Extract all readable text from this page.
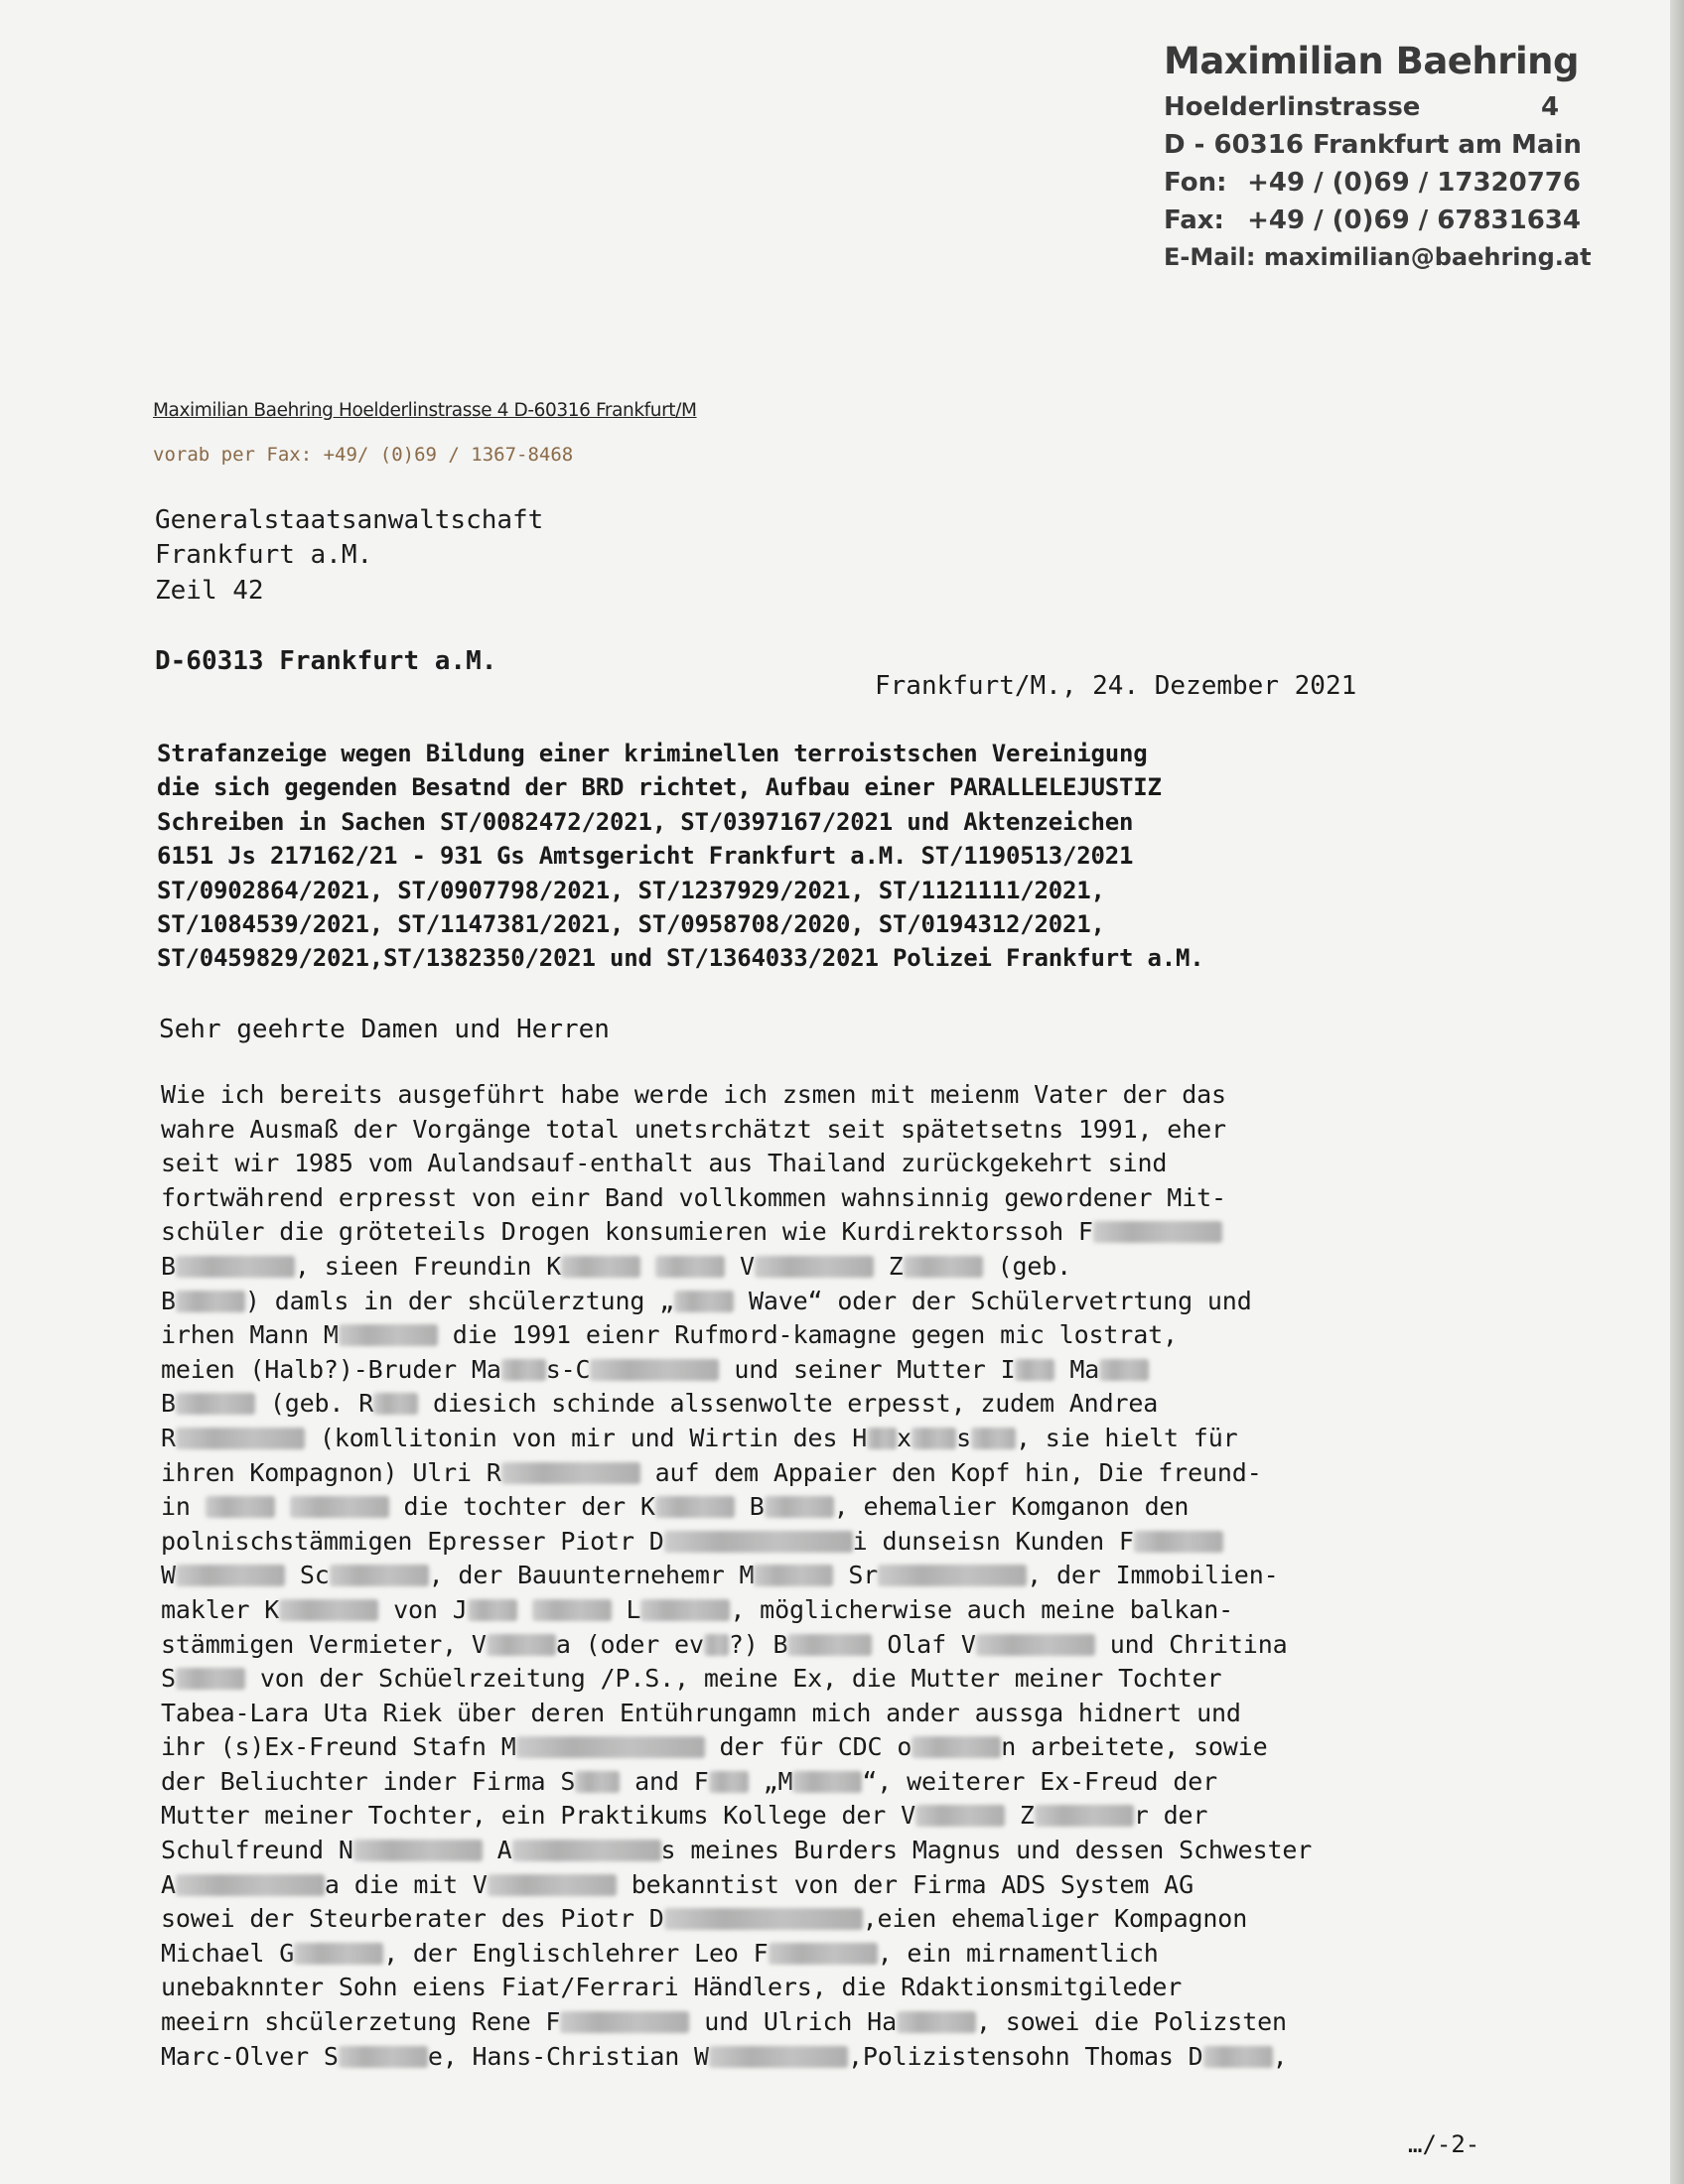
Maximilian Baehring
Hoelderlinstrasse	4
D - 60316 Frankfurt am Main
Fon: +49 / (0)69 / 17320776
Fax: +49 / (0)69 / 67831634
E-Mail: maximilian@baehring.at
Maximilian Baehring Hoelderlinstrasse 4 D-60316 Frankfurt/M
vorab per Fax: +49/ (0)69 / 1367-8468
Generalstaatsanwaltschaft
Frankfurt a.M.
Zeil 42
D-60313 Frankfurt a.M.
Frankfurt/M., 24. Dezember 2021
Strafanzeige wegen Bildung einer kriminellen terroistschen Vereinigung
die sich gegenden Besatnd der BRD richtet, Aufbau einer PARALLELEJUSTIZ
Schreiben in Sachen ST/0082472/2021, ST/0397167/2021 und Aktenzeichen
6151 Js 217162/21 - 931 Gs Amtsgericht Frankfurt a.M. ST/1190513/2021
ST/0902864/2021, ST/0907798/2021, ST/1237929/2021, ST/1121111/2021,
ST/1084539/2021, ST/1147381/2021, ST/0958708/2020, ST/0194312/2021,
ST/0459829/2021,ST/1382350/2021 und ST/1364033/2021 Polizei Frankfurt a.M.
Sehr geehrte Damen und Herren
Wie ich bereits ausgeführt habe werde ich zsmen mit meienm Vater der das
wahre Ausmaß der Vorgänge total unetsrchätzt seit spätetsetns 1991, eher
seit wir 1985 vom Aulandsauf-enthalt aus Thailand zurückgekehrt sind
fortwährend erpresst von einr Band vollkommen wahnsinnig gewordener Mit-
schüler die gröteteils Drogen konsumieren wie Kurdirektorssoh F
B	, sieen Freundin K	V	Z	(geb.
B	) damls in der shcülerztung „	Wave“ oder der Schülervetrtung und
irhen Mann M	die 1991 eienr Rufmord-kamagne gegen mic lostrat,
meien (Halb?)-Bruder Ma s-C	und seiner Mutter I Ma
B	(geb. R diesich schinde alssenwolte erpesst, zudem Andrea
R	(komllitonin von mir und Wirtin des H x s , sie hielt für
ihren Kompagnon) Ulri R	auf dem Appaier den Kopf hin, Die freund-
in	die tochter der K	B	, ehemalier Komganon den
polnischstämmigen Epresser Piotr D	i dunseisn Kunden F
W	Sc	, der Bauunternehemr M	Sr	, der Immobilien-
makler K	von J	L	, möglicherwise auch meine balkan-
stämmigen Vermieter, V	a (oder ev ?) B	Olaf V	und Chritina
S	von der Schüelrzeitung /P.S., meine Ex, die Mutter meiner Tochter
Tabea-Lara Uta Riek über deren Entührungamn mich ander aussga hidnert und
ihr (s)Ex-Freund Stafn M	der für CDC o	n arbeitete, sowie
der Beliuchter inder Firma S and F „M	“, weiterer Ex-Freud der
Mutter meiner Tochter, ein Praktikums Kollege der V	Z	r der
Schulfreund N	A	s meines Burders Magnus und dessen Schwester
A	a die mit V	bekanntist von der Firma ADS System AG
sowei der Steurberater des Piotr D	,eien ehemaliger Kompagnon
Michael G	, der Englischlehrer Leo F	, ein mirnamentlich
unebaknnter Sohn eiens Fiat/Ferrari Händlers, die Rdaktionsmitgileder
meeirn shcülerzetung Rene F	und Ulrich Ha	, sowei die Polizsten
Marc-Olver S	e, Hans-Christian W	,Polizistensohn Thomas D	,
…/-2-
